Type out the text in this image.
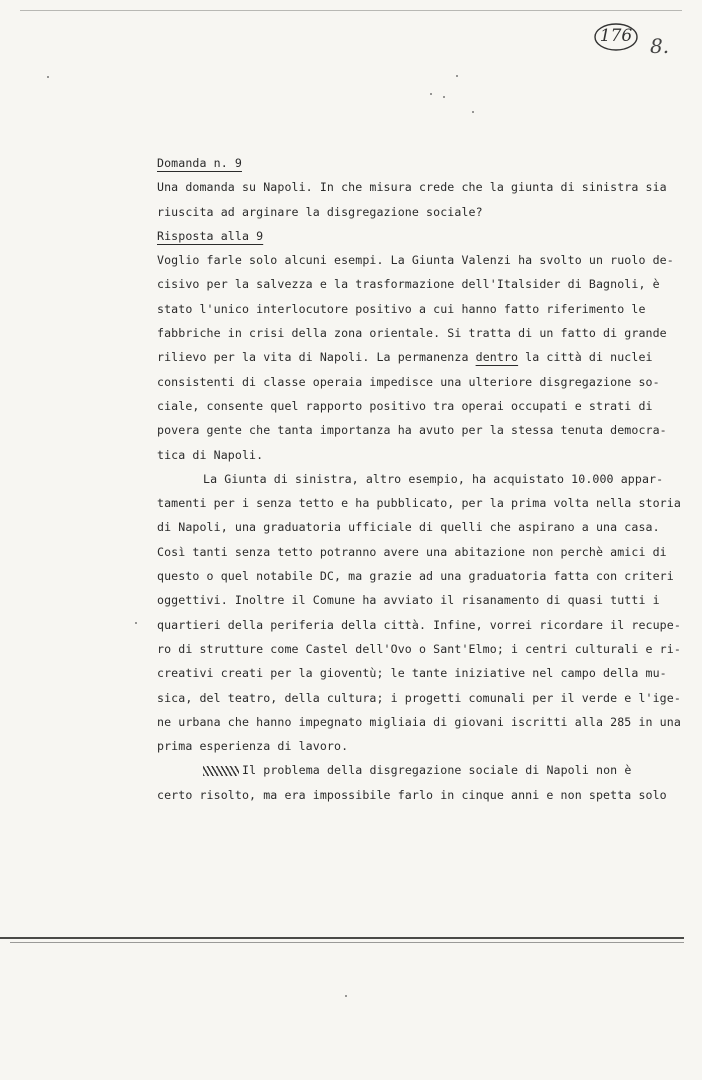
176 8.
Domanda n. 9
Una domanda su Napoli. In che misura crede che la giunta di sinistra sia
riuscita ad arginare la disgregazione sociale?
Risposta alla 9
Voglio farle solo alcuni esempi. La Giunta Valenzi ha svolto un ruolo de-
cisivo per la salvezza e la trasformazione dell'Italsider di Bagnoli, è
stato l'unico interlocutore positivo a cui hanno fatto riferimento le
fabbriche in crisi della zona orientale. Si tratta di un fatto di grande
rilievo per la vita di Napoli. La permanenza dentro la città di nuclei
consistenti di classe operaia impedisce una ulteriore disgregazione so-
ciale, consente quel rapporto positivo tra operai occupati e strati di
povera gente che tanta importanza ha avuto per la stessa tenuta democra-
tica di Napoli.
La Giunta di sinistra, altro esempio, ha acquistato 10.000 appar-
tamenti per i senza tetto e ha pubblicato, per la prima volta nella storia
di Napoli, una graduatoria ufficiale di quelli che aspirano a una casa.
Così tanti senza tetto potranno avere una abitazione non perchè amici di
questo o quel notabile DC, ma grazie ad una graduatoria fatta con criteri
oggettivi. Inoltre il Comune ha avviato il risanamento di quasi tutti i
quartieri della periferia della città. Infine, vorrei ricordare il recupe-
ro di strutture come Castel dell'Ovo o Sant'Elmo; i centri culturali e ri-
creativi creati per la gioventù; le tante iniziative nel campo della mu-
sica, del teatro, della cultura; i progetti comunali per il verde e l'ige-
ne urbana che hanno impegnato migliaia di giovani iscritti alla 285 in una
prima esperienza di lavoro.
Il problema della disgregazione sociale di Napoli non è
certo risolto, ma era impossibile farlo in cinque anni e non spetta solo
